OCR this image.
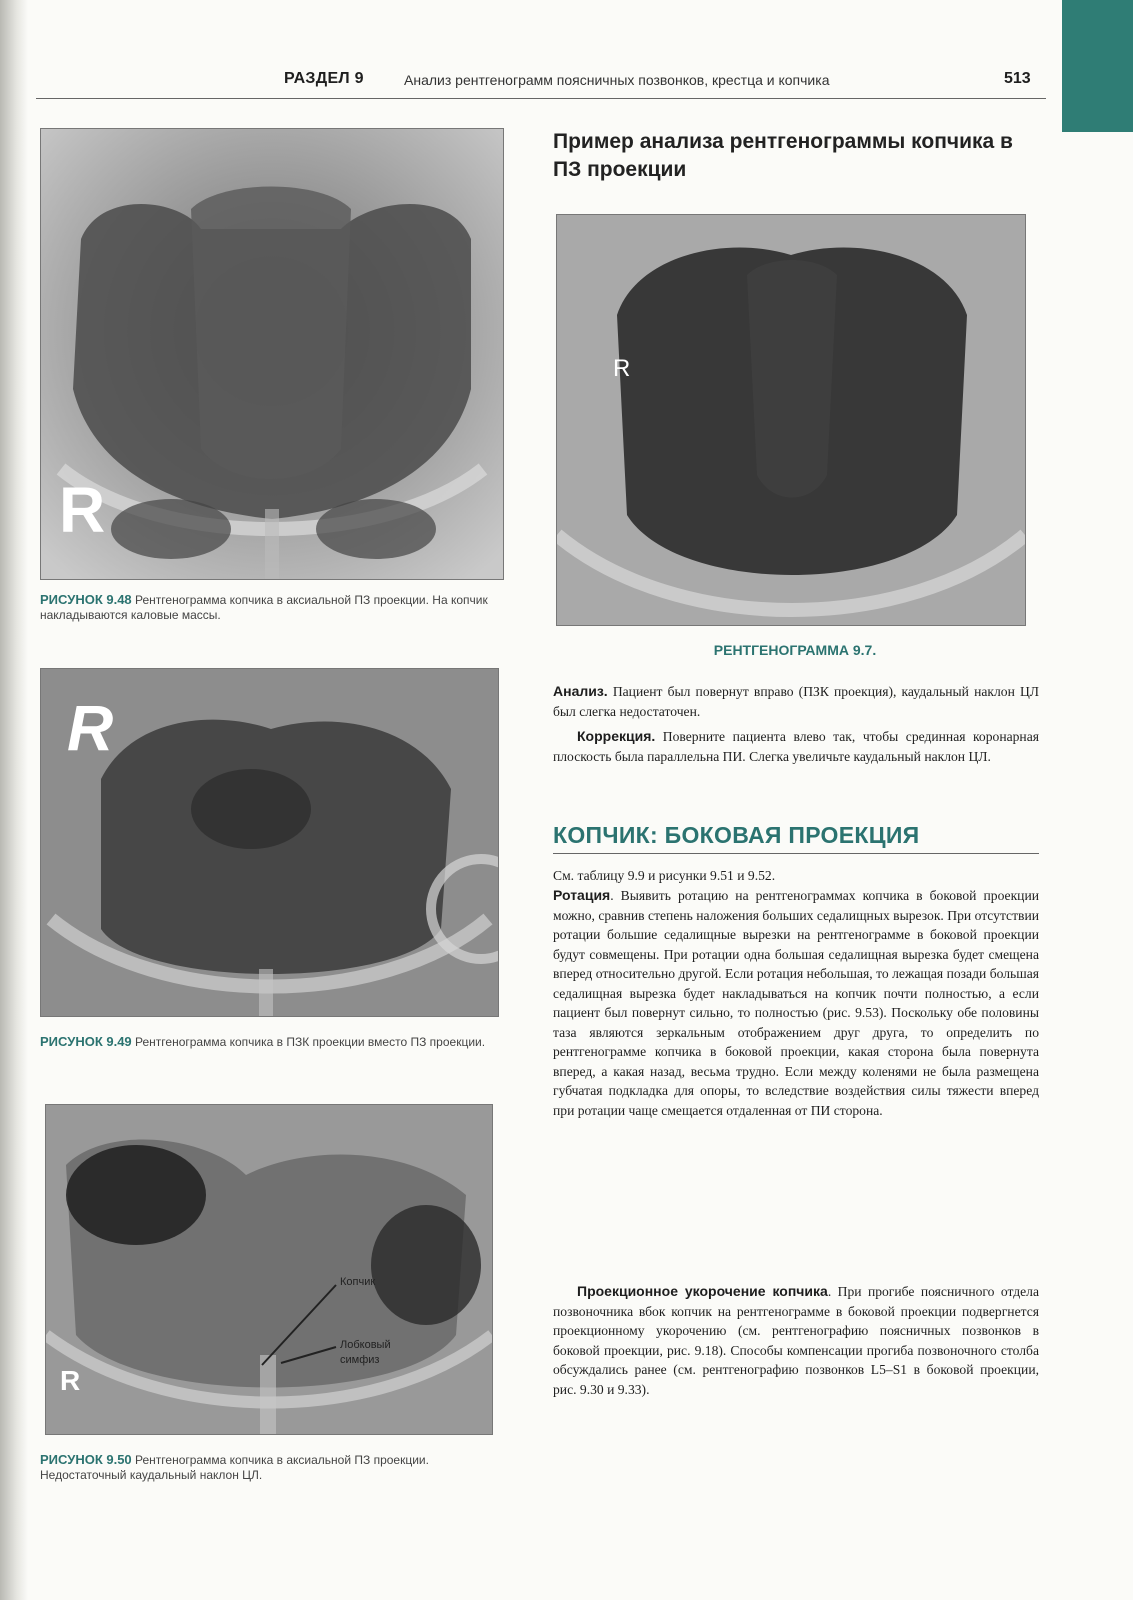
РАЗДЕЛ 9	Анализ рентгенограмм поясничных позвонков, крестца и копчика	513
R
РИСУНОК 9.48 Рентгенограмма копчика в аксиальной ПЗ проекции. На копчик накладываются каловые массы.
R
РИСУНОК 9.49 Рентгенограмма копчика в ПЗК проекции вместо ПЗ проекции.
R
Копчик
Лобковый
симфиз
РИСУНОК 9.50 Рентгенограмма копчика в аксиальной ПЗ проекции. Недостаточный каудальный наклон ЦЛ.
Пример анализа рентгенограммы копчика в ПЗ проекции
R
РЕНТГЕНОГРАММА 9.7.

Анализ. Пациент был повернут вправо (ПЗК проекция), каудальный наклон ЦЛ был слегка недостаточен.

Коррекция. Поверните пациента влево так, чтобы срединная коронарная плоскость была параллельна ПИ. Слегка увеличьте каудальный наклон ЦЛ.

КОПЧИК: БОКОВАЯ ПРОЕКЦИЯ

См. таблицу 9.9 и рисунки 9.51 и 9.52.

Ротация. Выявить ротацию на рентгенограммах копчика в боковой проекции можно, сравнив степень наложения больших седалищных вырезок. При отсутствии ротации большие седалищные вырезки на рентгенограмме в боковой проекции будут совмещены. При ротации одна большая седалищная вырезка будет смещена вперед относительно другой. Если ротация небольшая, то лежащая позади большая седалищная вырезка будет накладываться на копчик почти полностью, а если пациент был повернут сильно, то полностью (рис. 9.53). Поскольку обе половины таза являются зеркальным отображением друг друга, то определить по рентгенограмме копчика в боковой проекции, какая сторона была повернута вперед, а какая назад, весьма трудно. Если между коленями не была размещена губчатая подкладка для опоры, то вследствие воздействия силы тяжести вперед при ротации чаще смещается отдаленная от ПИ сторона.

Проекционное укорочение копчика. При прогибе поясничного отдела позвоночника вбок копчик на рентгенограмме в боковой проекции подвергнется проекционному укорочению (см. рентгенографию поясничных позвонков в боковой проекции, рис. 9.18). Способы компенсации прогиба позвоночного столба обсуждались ранее (см. рентгенографию позвонков L5–S1 в боковой проекции, рис. 9.30 и 9.33).
